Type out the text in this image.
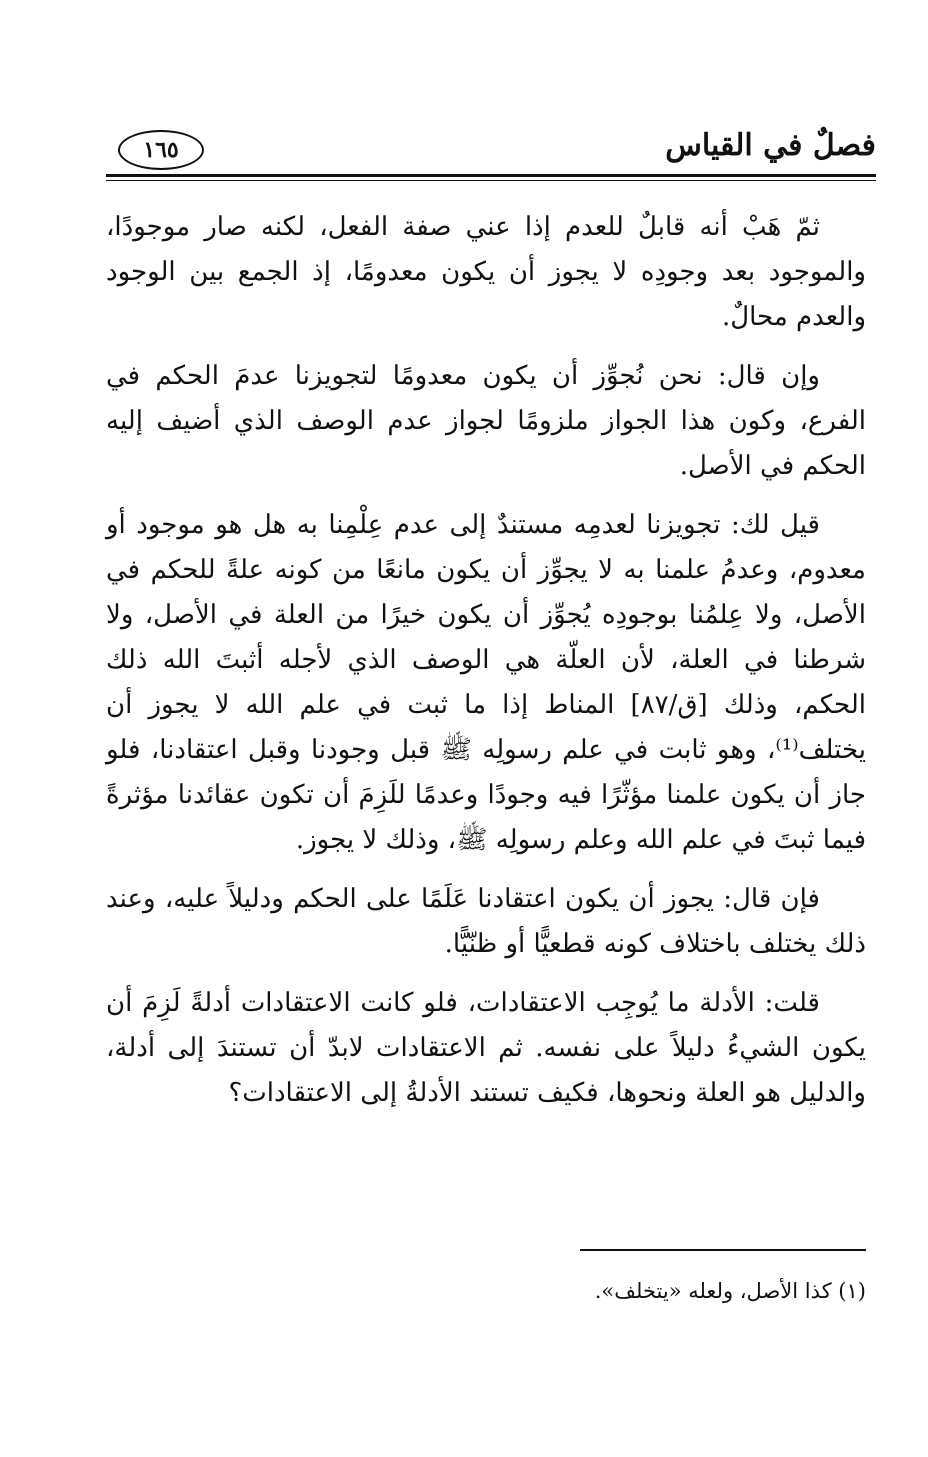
فصلٌ في القياس
١٦٥

ثمّ هَبْ أنه قابلٌ للعدم إذا عني صفة الفعل، لكنه صار موجودًا، والموجود بعد وجودِه لا يجوز أن يكون معدومًا، إذ الجمع بين الوجود والعدم محالٌ.

وإن قال: نحن نُجوِّز أن يكون معدومًا لتجويزنا عدمَ الحكم في الفرع، وكون هذا الجواز ملزومًا لجواز عدم الوصف الذي أضيف إليه الحكم في الأصل.

قيل لك: تجويزنا لعدمِه مستندٌ إلى عدم عِلْمِنا به هل هو موجود أو معدوم، وعدمُ علمنا به لا يجوِّز أن يكون مانعًا من كونه علةً للحكم في الأصل، ولا عِلمُنا بوجودِه يُجوِّز أن يكون خيرًا من العلة في الأصل، ولا شرطنا في العلة، لأن العلّة هي الوصف الذي لأجله أثبتَ الله ذلك الحكم، وذلك [ق/٨٧] المناط إذا ما ثبت في علم الله لا يجوز أن يختلف⁽¹⁾، وهو ثابت في علم رسولِه ﷺ قبل وجودنا وقبل اعتقادنا، فلو جاز أن يكون علمنا مؤثّرًا فيه وجودًا وعدمًا للَزِمَ أن تكون عقائدنا مؤثرةً فيما ثبتَ في علم الله وعلم رسولِه ﷺ، وذلك لا يجوز.

فإن قال: يجوز أن يكون اعتقادنا عَلَمًا على الحكم ودليلاً عليه، وعند ذلك يختلف باختلاف كونه قطعيًّا أو ظنّيًّا.

قلت: الأدلة ما يُوجِب الاعتقادات، فلو كانت الاعتقادات أدلةً لَزِمَ أن يكون الشيءُ دليلاً على نفسه. ثم الاعتقادات لابدّ أن تستندَ إلى أدلة، والدليل هو العلة ونحوها، فكيف تستند الأدلةُ إلى الاعتقادات؟

(١) كذا الأصل، ولعله «يتخلف».
